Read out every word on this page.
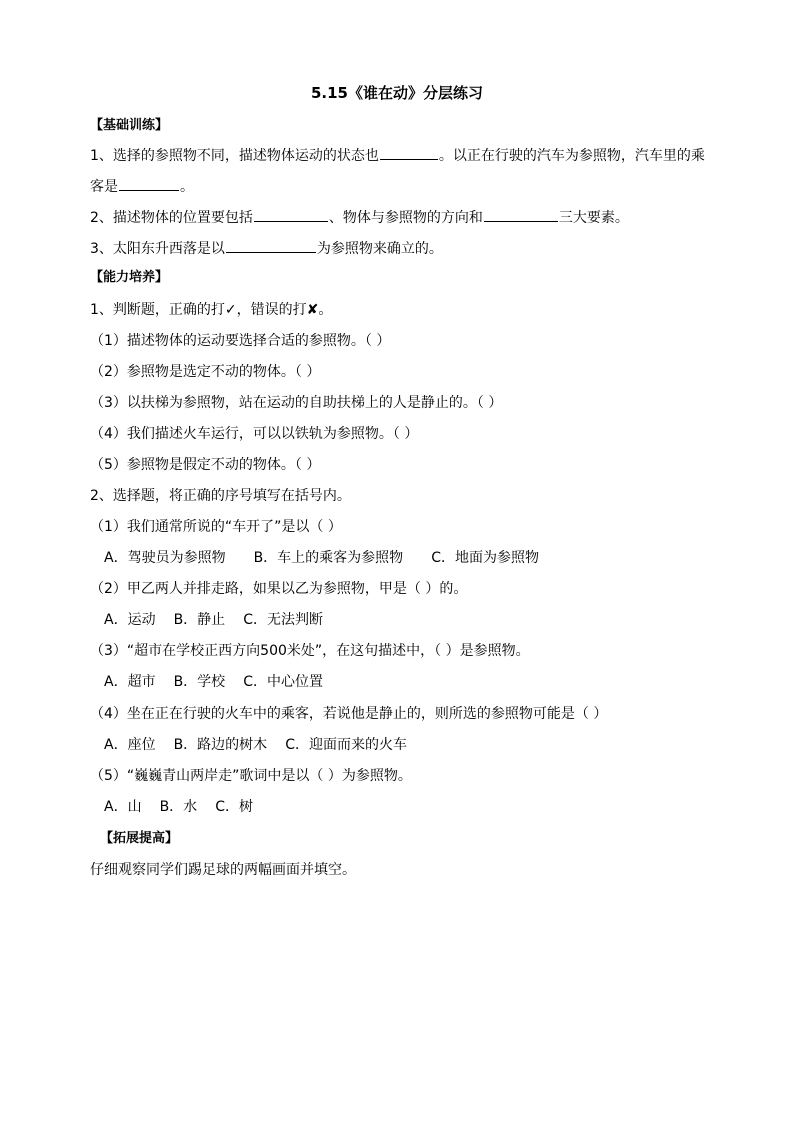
5.15《谁在动》分层练习
【基础训练】
1、选择的参照物不同，描述物体运动的状态也	。以正在行驶的汽车为参照物，汽车里的乘
客是	。
2、描述物体的位置要包括	、物体与参照物的方向和	三大要素。
3、太阳东升西落是以	为参照物来确立的。
【能力培养】
1、判断题，正确的打✓，错误的打✘。
（1）描述物体的运动要选择合适的参照物。（ ）
（2）参照物是选定不动的物体。（ ）
（3）以扶梯为参照物，站在运动的自助扶梯上的人是静止的。（ ）
（4）我们描述火车运行，可以以铁轨为参照物。（ ）
（5）参照物是假定不动的物体。（ ）
2、选择题，将正确的序号填写在括号内。
（1）我们通常所说的“车开了”是以（ ）
A．驾驶员为参照物 B．车上的乘客为参照物 C．地面为参照物
（2）甲乙两人并排走路，如果以乙为参照物，甲是（ ）的。
A．运动 B．静止 C．无法判断
（3）“超市在学校正西方向500米处”，在这句描述中，（ ）是参照物。
A．超市 B．学校 C．中心位置
（4）坐在正在行驶的火车中的乘客，若说他是静止的，则所选的参照物可能是（ ）
A．座位 B．路边的树木 C．迎面而来的火车
（5）“巍巍青山两岸走”歌词中是以（ ）为参照物。
A．山 B．水 C．树
【拓展提高】
仔细观察同学们踢足球的两幅画面并填空。
